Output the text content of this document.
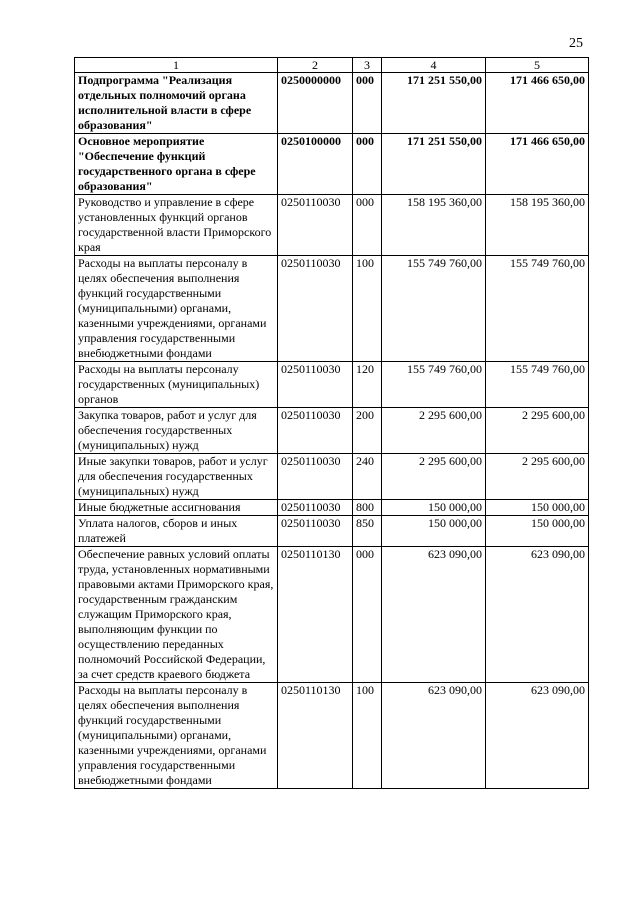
25
1	2	3	4	5
Подпрограмма "Реализация отдельных полномочий органа исполнительной власти в сфере образования"	0250000000	000	171 251 550,00	171 466 650,00
Основное мероприятие "Обеспечение функций государственного органа в сфере образования"	0250100000	000	171 251 550,00	171 466 650,00
Руководство и управление в сфере установленных функций органов государственной власти Приморского края	0250110030	000	158 195 360,00	158 195 360,00
Расходы на выплаты персоналу в целях обеспечения выполнения функций государственными (муниципальными) органами, казенными учреждениями, органами управления государственными внебюджетными фондами	0250110030	100	155 749 760,00	155 749 760,00
Расходы на выплаты персоналу государственных (муниципальных) органов	0250110030	120	155 749 760,00	155 749 760,00
Закупка товаров, работ и услуг для обеспечения государственных (муниципальных) нужд	0250110030	200	2 295 600,00	2 295 600,00
Иные закупки товаров, работ и услуг для обеспечения государственных (муниципальных) нужд	0250110030	240	2 295 600,00	2 295 600,00
Иные бюджетные ассигнования	0250110030	800	150 000,00	150 000,00
Уплата налогов, сборов и иных платежей	0250110030	850	150 000,00	150 000,00
Обеспечение равных условий оплаты труда, установленных нормативными правовыми актами Приморского края, государственным гражданским служащим Приморского края, выполняющим функции по осуществлению переданных полномочий Российской Федерации, за счет средств краевого бюджета	0250110130	000	623 090,00	623 090,00
Расходы на выплаты персоналу в целях обеспечения выполнения функций государственными (муниципальными) органами, казенными учреждениями, органами управления государственными внебюджетными фондами	0250110130	100	623 090,00	623 090,00
